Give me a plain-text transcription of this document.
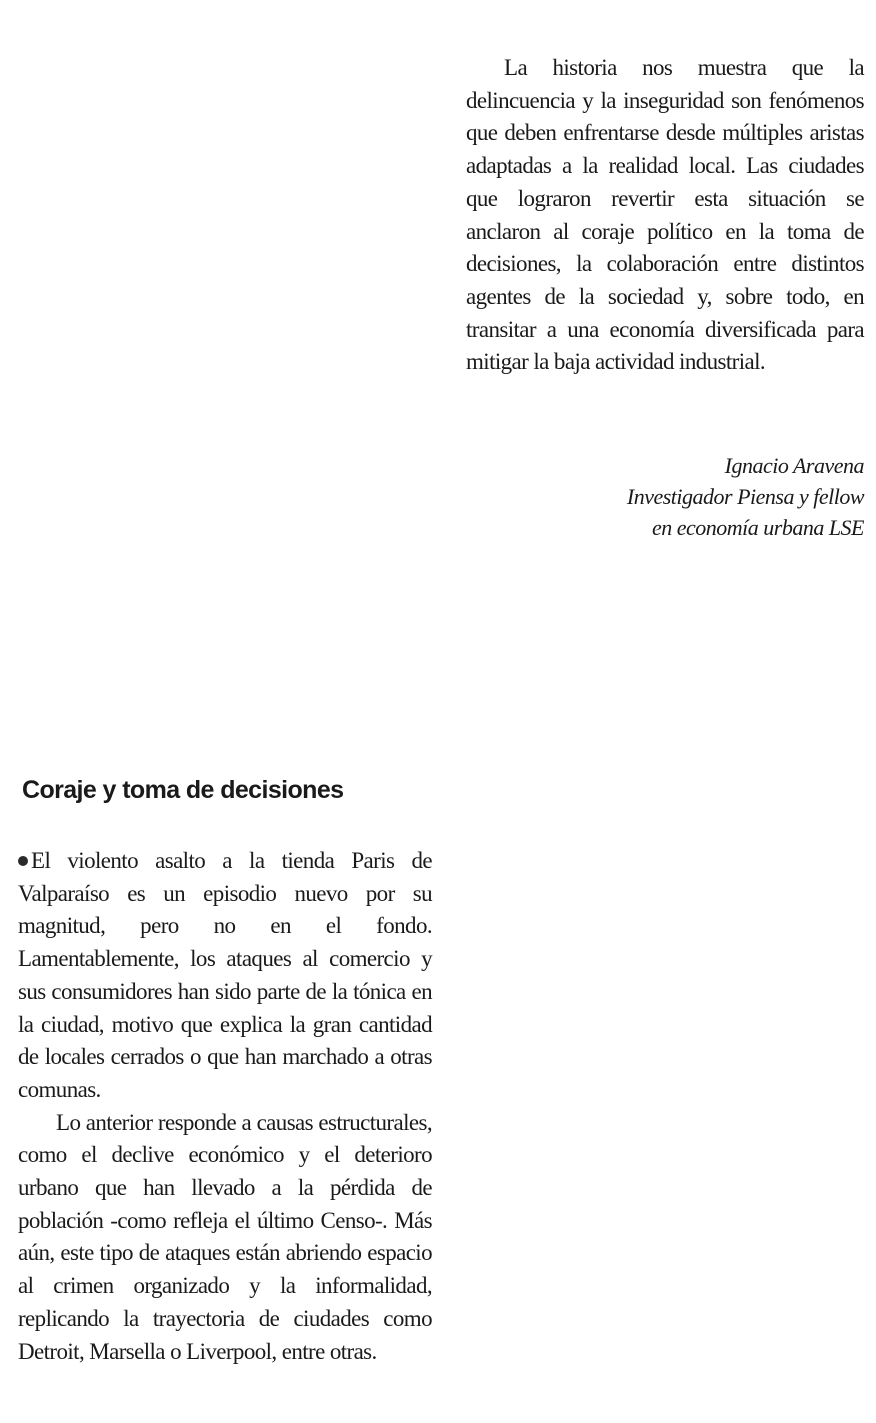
La historia nos muestra que la delincuencia y la inseguridad son fenómenos que deben enfrentarse desde múltiples aristas adaptadas a la realidad local. Las ciudades que lograron revertir esta situación se anclaron al coraje político en la toma de decisiones, la colaboración entre distintos agentes de la sociedad y, sobre todo, en transitar a una economía diversificada para mitigar la baja actividad industrial.

Ignacio Aravena
Investigador Piensa y fellow
en economía urbana LSE
Coraje y toma de decisiones

El violento asalto a la tienda Paris de Valparaíso es un episodio nuevo por su magnitud, pero no en el fondo. Lamentablemente, los ataques al comercio y sus consumidores han sido parte de la tónica en la ciudad, motivo que explica la gran cantidad de locales cerrados o que han marchado a otras comunas.

Lo anterior responde a causas estructurales, como el declive económico y el deterioro urbano que han llevado a la pérdida de población -como refleja el último Censo-. Más aún, este tipo de ataques están abriendo espacio al crimen organizado y la informalidad, replicando la trayectoria de ciudades como Detroit, Marsella o Liverpool, entre otras.
